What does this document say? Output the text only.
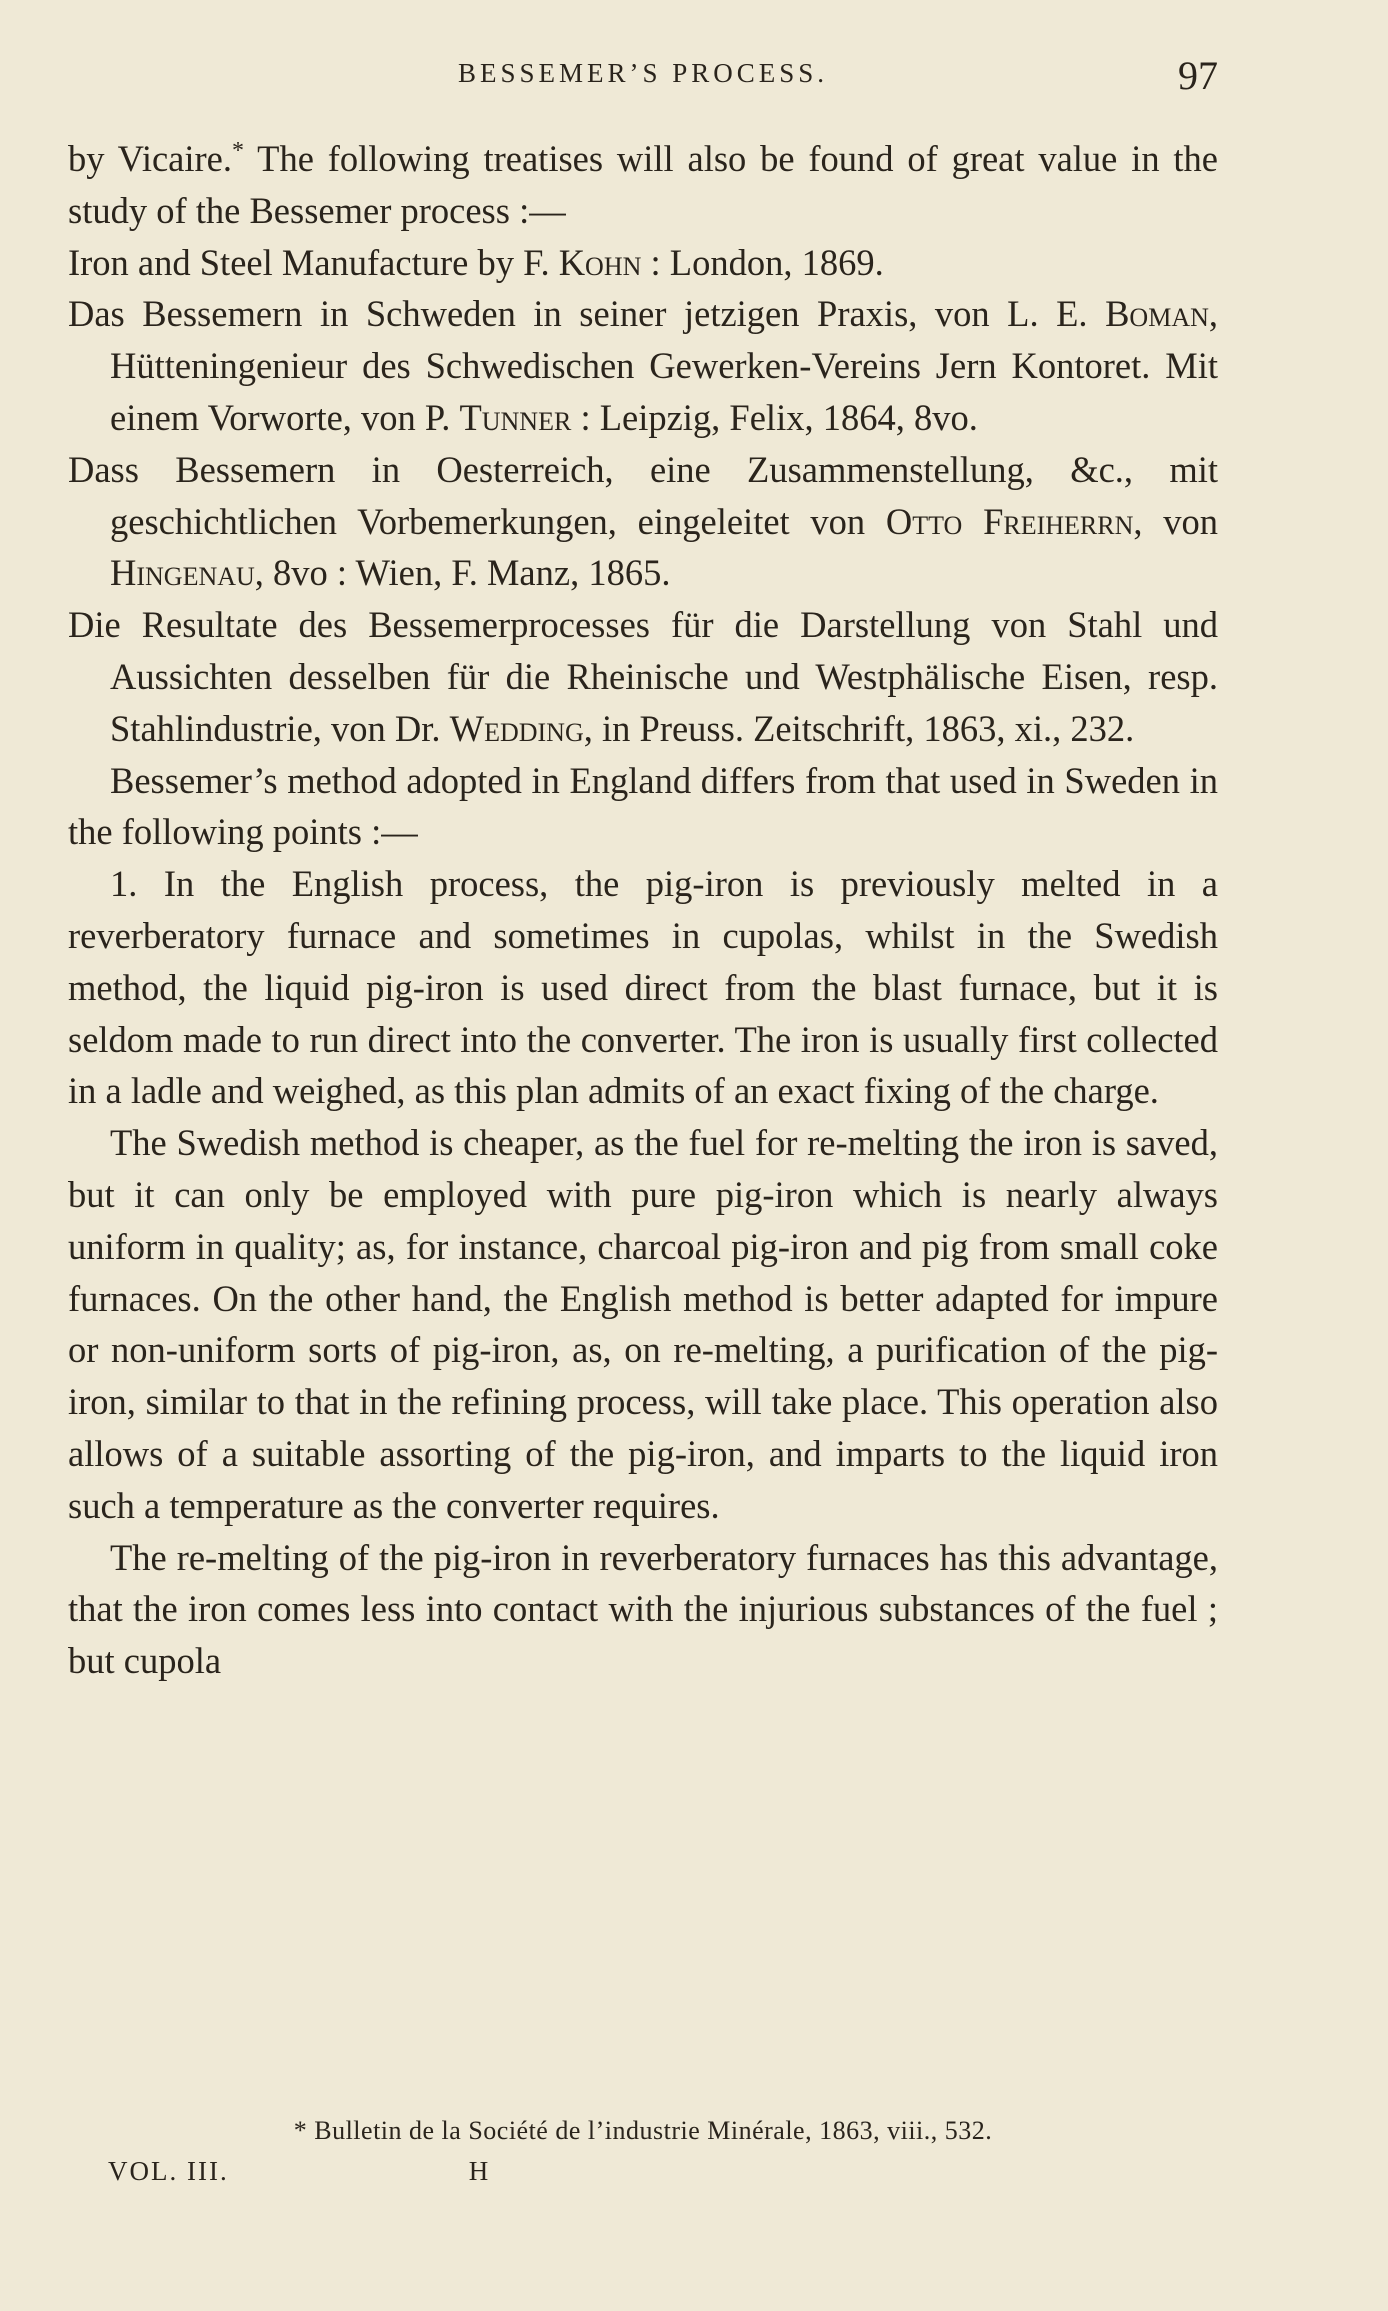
BESSEMER’S PROCESS.	97

by Vicaire.* The following treatises will also be found of great value in the study of the Bessemer process :—

Iron and Steel Manufacture by F. Kohn : London, 1869.

Das Bessemern in Schweden in seiner jetzigen Praxis, von L. E. Boman, Hütteningenieur des Schwedischen Gewerken-Vereins Jern Kontoret. Mit einem Vorworte, von P. Tunner : Leipzig, Felix, 1864, 8vo.

Dass Bessemern in Oesterreich, eine Zusammenstellung, &c., mit geschichtlichen Vorbemerkungen, eingeleitet von Otto Freiherrn, von Hingenau, 8vo : Wien, F. Manz, 1865.

Die Resultate des Bessemerprocesses für die Darstellung von Stahl und Aussichten desselben für die Rheinische und Westphälische Eisen, resp. Stahlindustrie, von Dr. Wedding, in Preuss. Zeitschrift, 1863, xi., 232.

Bessemer’s method adopted in England differs from that used in Sweden in the following points :—

1. In the English process, the pig-iron is previously melted in a reverberatory furnace and sometimes in cupolas, whilst in the Swedish method, the liquid pig-iron is used direct from the blast furnace, but it is seldom made to run direct into the converter. The iron is usually first collected in a ladle and weighed, as this plan admits of an exact fixing of the charge.

The Swedish method is cheaper, as the fuel for re-melting the iron is saved, but it can only be employed with pure pig-iron which is nearly always uniform in quality; as, for instance, charcoal pig-iron and pig from small coke furnaces. On the other hand, the English method is better adapted for impure or non-uniform sorts of pig-iron, as, on re-melting, a purification of the pig-iron, similar to that in the refining process, will take place. This operation also allows of a suitable assorting of the pig-iron, and imparts to the liquid iron such a temperature as the converter requires.

The re-melting of the pig-iron in reverberatory furnaces has this advantage, that the iron comes less into contact with the injurious substances of the fuel ; but cupola

* Bulletin de la Société de l’industrie Minérale, 1863, viii., 532.
VOL. III.	H
